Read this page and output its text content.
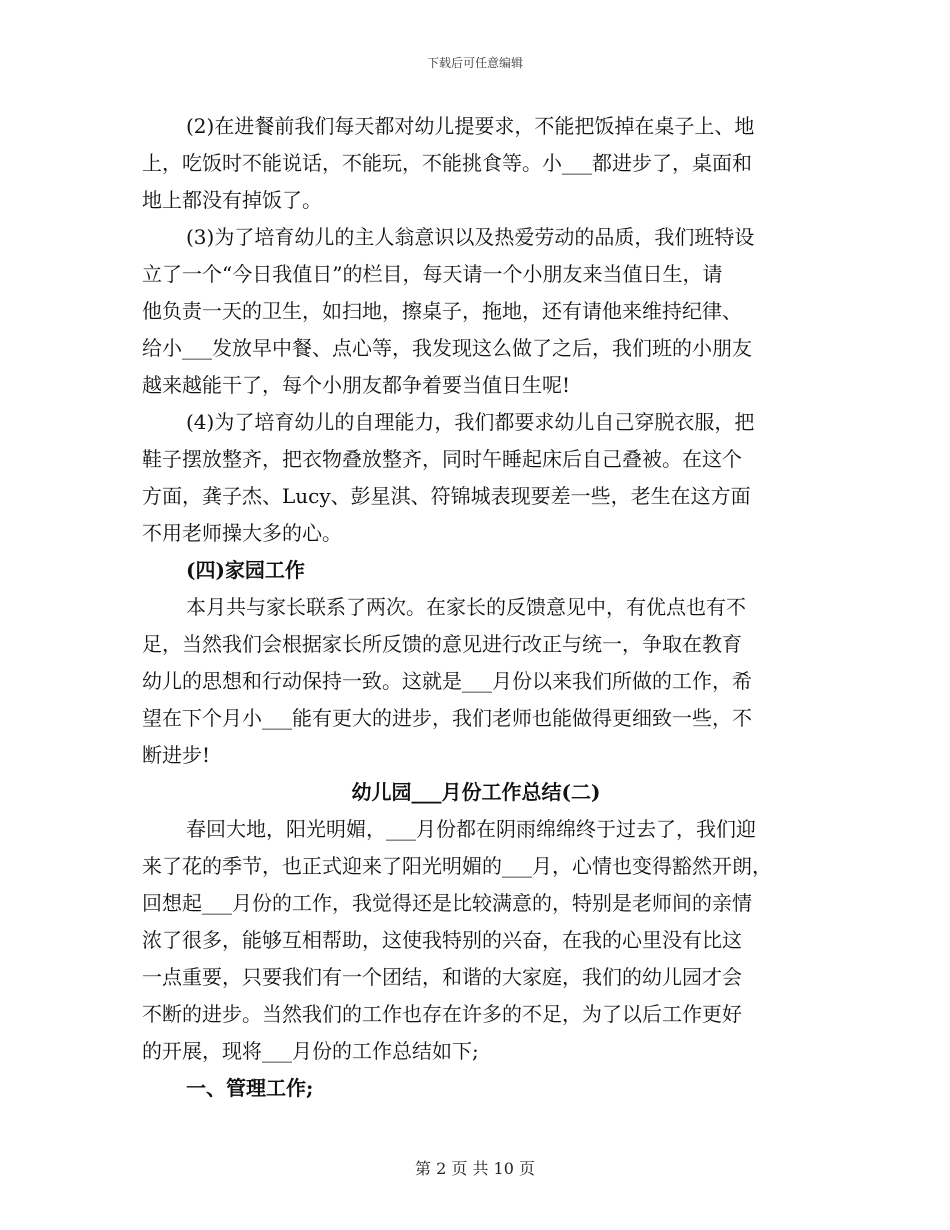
下载后可任意编辑
(2)在进餐前我们每天都对幼儿提要求，不能把饭掉在桌子上、地
上，吃饭时不能说话，不能玩，不能挑食等。小___都进步了，桌面和
地上都没有掉饭了。
(3)为了培育幼儿的主人翁意识以及热爱劳动的品质，我们班特设
立了一个“今日我值日”的栏目，每天请一个小朋友来当值日生，请
他负责一天的卫生，如扫地，擦桌子，拖地，还有请他来维持纪律、
给小___发放早中餐、点心等，我发现这么做了之后，我们班的小朋友
越来越能干了，每个小朋友都争着要当值日生呢!
(4)为了培育幼儿的自理能力，我们都要求幼儿自己穿脱衣服，把
鞋子摆放整齐，把衣物叠放整齐，同时午睡起床后自己叠被。在这个
方面，龚子杰、Lucy、彭星淇、符锦城表现要差一些，老生在这方面
不用老师操大多的心。
(四)家园工作
本月共与家长联系了两次。在家长的反馈意见中，有优点也有不
足，当然我们会根据家长所反馈的意见进行改正与统一，争取在教育
幼儿的思想和行动保持一致。这就是___月份以来我们所做的工作，希
望在下个月小___能有更大的进步，我们老师也能做得更细致一些，不
断进步!
幼儿园___月份工作总结(二)
春回大地，阳光明媚，___月份都在阴雨绵绵终于过去了，我们迎
来了花的季节，也正式迎来了阳光明媚的___月，心情也变得豁然开朗，
回想起___月份的工作，我觉得还是比较满意的，特别是老师间的亲情
浓了很多，能够互相帮助，这使我特别的兴奋，在我的心里没有比这
一点重要，只要我们有一个团结，和谐的大家庭，我们的幼儿园才会
不断的进步。当然我们的工作也存在许多的不足，为了以后工作更好
的开展，现将___月份的工作总结如下;
一、管理工作;
第 2 页 共 10 页
